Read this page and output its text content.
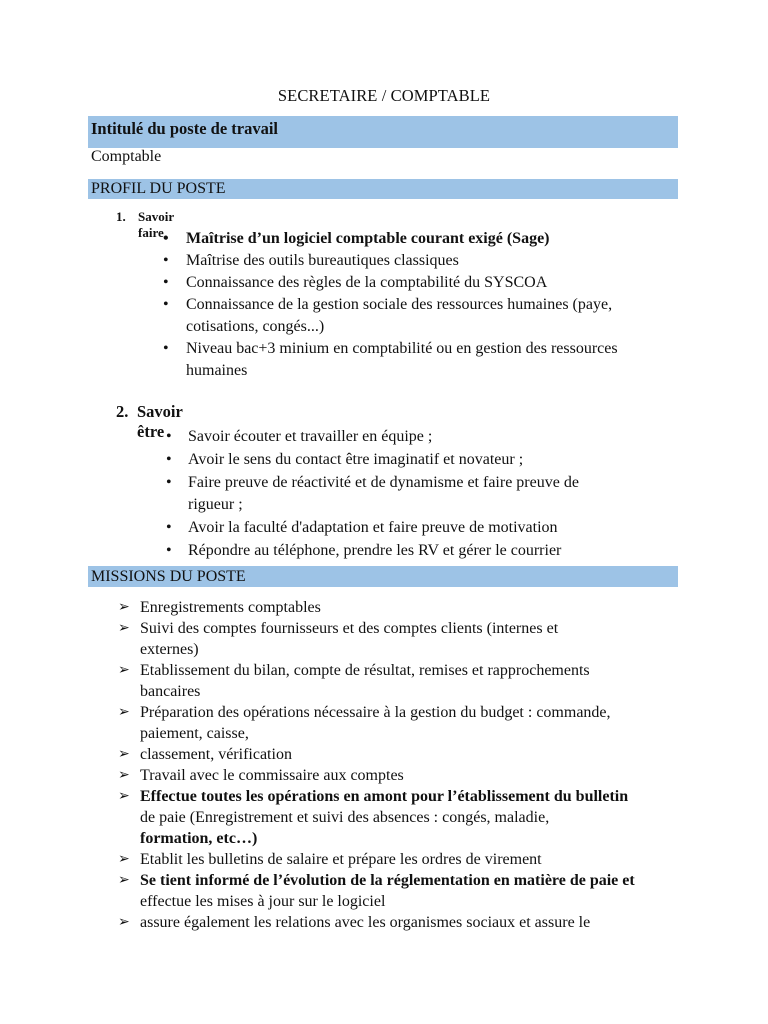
SECRETAIRE / COMPTABLE
Intitulé du poste de travail
Comptable
PROFIL DU POSTE
1. Savoir faire • Maîtrise d’un logiciel comptable courant exigé (Sage)
• Maîtrise des outils bureautiques classiques
• Connaissance des règles de la comptabilité du SYSCOA
• Connaissance de la gestion sociale des ressources humaines (paye,
cotisations, congés...)
• Niveau bac+3 minium en comptabilité ou en gestion des ressources
humaines
2. Savoir être • Savoir écouter et travailler en équipe ;
• Avoir le sens du contact être imaginatif et novateur ;
• Faire preuve de réactivité et de dynamisme et faire preuve de
rigueur ;
• Avoir la faculté d'adaptation et faire preuve de motivation
• Répondre au téléphone, prendre les RV et gérer le courrier
MISSIONS DU POSTE
➢ Enregistrements comptables
➢ Suivi des comptes fournisseurs et des comptes clients (internes et
externes)
➢ Etablissement du bilan, compte de résultat, remises et rapprochements
bancaires
➢ Préparation des opérations nécessaire à la gestion du budget : commande,
paiement, caisse,
➢ classement, vérification
➢ Travail avec le commissaire aux comptes
➢ Effectue toutes les opérations en amont pour l’établissement du bulletin
de paie (Enregistrement et suivi des absences : congés, maladie,
formation, etc…)
➢ Etablit les bulletins de salaire et prépare les ordres de virement
➢ Se tient informé de l’évolution de la réglementation en matière de paie et
effectue les mises à jour sur le logiciel
➢ assure également les relations avec les organismes sociaux et assure le
